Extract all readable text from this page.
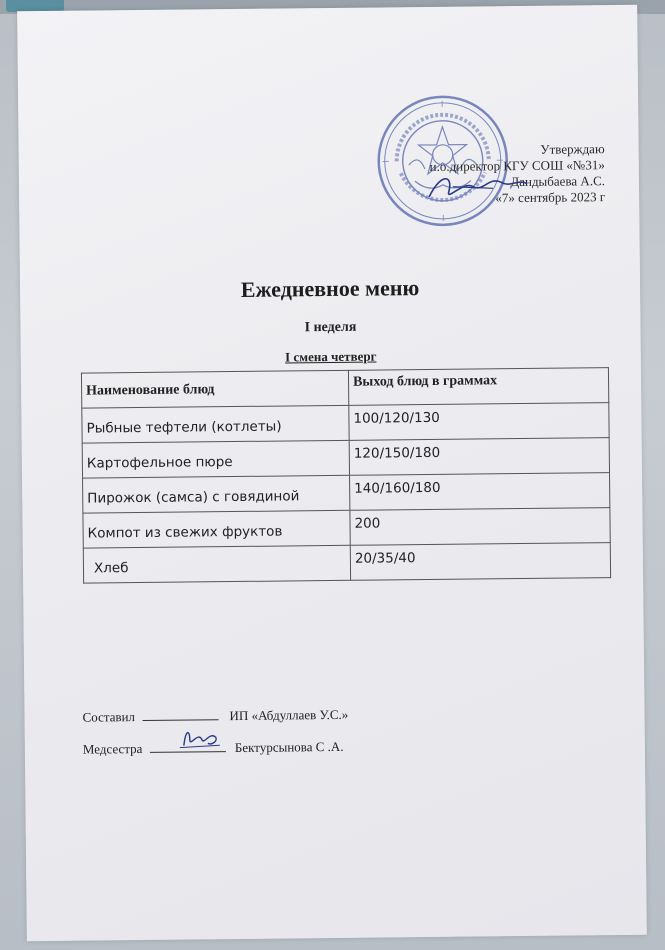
Утверждаю
и.о.директор КГУ СОШ «№31»
Дандыбаева А.С.
«7» сентябрь 2023 г
Ежедневное меню
I неделя
I смена четверг
Наименование блюд	Выход блюд в граммах
Рыбные тефтели (котлеты)	100/120/130
Картофельное пюре	120/150/180
Пирожок (самса) с говядиной	140/160/180
Компот из свежих фруктов	200
Хлеб	20/35/40
Составил	ИП «Абдуллаев У.С.»
Медсестра	Бектурсынова С .А.
